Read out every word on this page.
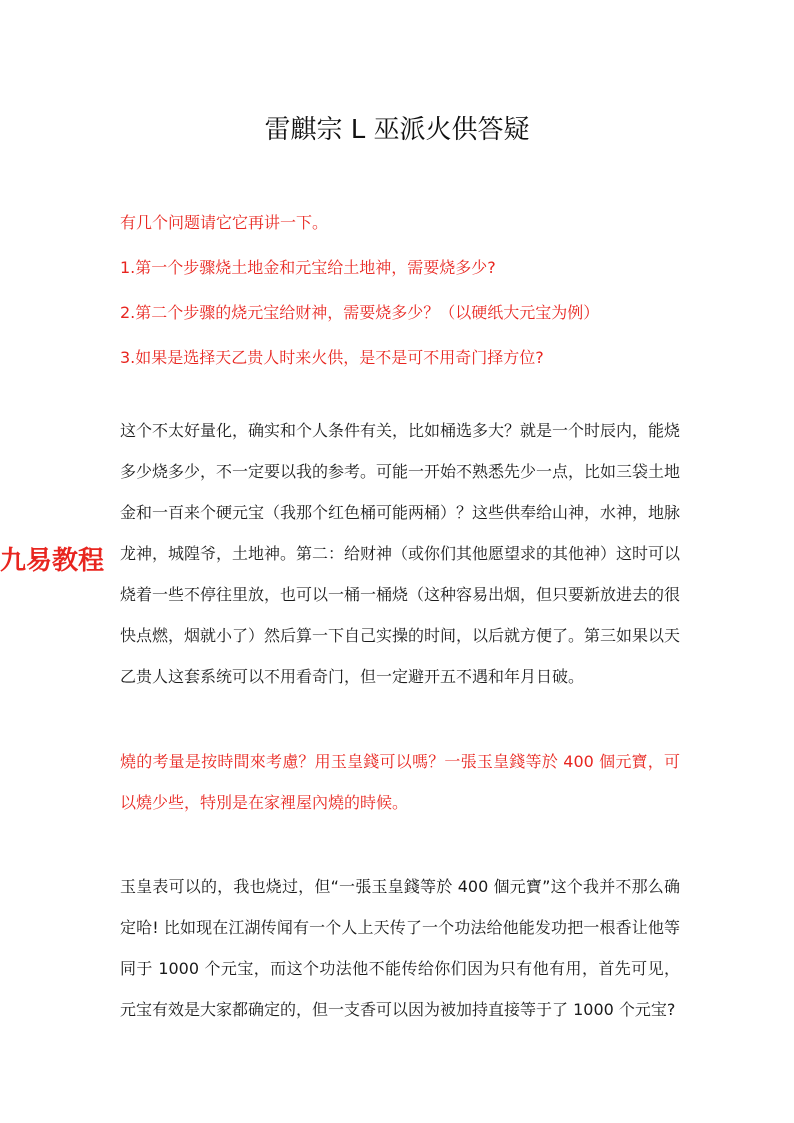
雷麒宗 L 巫派火供答疑
九易教程
有几个问题请它它再讲一下。
1.第一个步骤烧土地金和元宝给土地神，需要烧多少?
2.第二个步骤的烧元宝给财神，需要烧多少？（以硬纸大元宝为例）
3.如果是选择天乙贵人时来火供，是不是可不用奇门择方位?

这个不太好量化，确实和个人条件有关，比如桶选多大？就是一个时辰内，能烧多少烧多少，不一定要以我的参考。可能一开始不熟悉先少一点，比如三袋土地金和一百来个硬元宝（我那个红色桶可能两桶）？这些供奉给山神，水神，地脉龙神，城隍爷，土地神。第二：给财神（或你们其他愿望求的其他神）这时可以烧着一些不停往里放，也可以一桶一桶烧（这种容易出烟，但只要新放进去的很快点燃，烟就小了）然后算一下自己实操的时间，以后就方便了。第三如果以天乙贵人这套系统可以不用看奇门，但一定避开五不遇和年月日破。

燒的考量是按時間來考慮？用玉皇錢可以嗎？一張玉皇錢等於 400 個元寶，可以燒少些，特別是在家裡屋內燒的時候。

玉皇表可以的，我也烧过，但“一張玉皇錢等於 400 個元寶”这个我并不那么确定哈! 比如现在江湖传闻有一个人上天传了一个功法给他能发功把一根香让他等同于 1000 个元宝，而这个功法他不能传给你们因为只有他有用，首先可见，元宝有效是大家都确定的，但一支香可以因为被加持直接等于了 1000 个元宝?
